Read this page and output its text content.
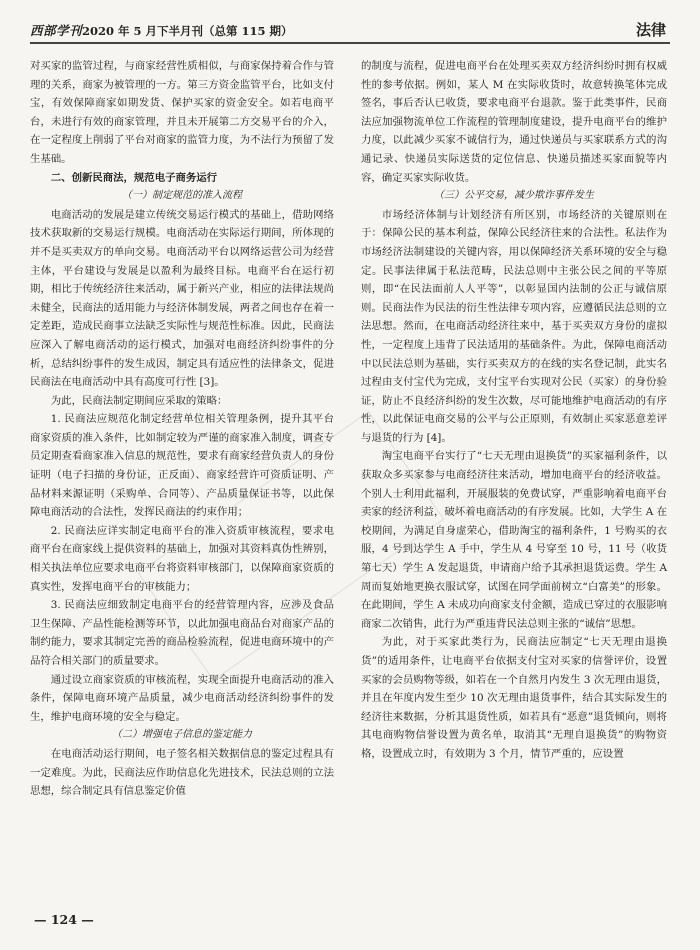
西部学刊2020 年 5 月下半月刊（总第 115 期）	法律

对买家的监管过程，与商家经营性质相似，与商家保持着合作与管理的关系，商家为被管理的一方。第三方资金监管平台，比如支付宝，有效保障商家如期发货、保护买家的资金安全。如若电商平台，未进行有效的商家管理，并且未开展第二方交易平台的介入，在一定程度上削弱了平台对商家的监管力度，为不法行为预留了发生基础。

二、创新民商法，规范电子商务运行
（一）制定规范的准入流程

电商活动的发展是建立传统交易运行模式的基础上，借助网络技术获取新的交易运行规模。电商活动在实际运行期间，所体现的并不是买卖双方的单向交易。电商活动平台以网络运营公司为经营主体，平台建设与发展是以盈利为最终目标。电商平台在运行初期，相比于传统经济往来活动，属于新兴产业，相应的法律法规尚未健全，民商法的适用能力与经济体制发展，两者之间也存在着一定差距，造成民商事立法缺乏实际性与规范性标准。因此，民商法应深入了解电商活动的运行模式，加强对电商经济纠纷事件的分析，总结纠纷事件的发生成因，制定具有适应性的法律条文，促进民商法在电商活动中具有高度可行性 [3]。

为此，民商法制定期间应采取的策略：

1. 民商法应规范化制定经营单位相关管理条例，提升其平台商家资质的准入条件，比如制定较为严谨的商家准入制度，调查专员定期查看商家准入信息的规范性，要求有商家经营负责人的身份证明（电子扫描的身份证，正反面）、商家经营许可资质证明、产品材料来源证明（采购单、合同等）、产品质量保证书等，以此保障电商活动的合法性，发挥民商法的约束作用；

2. 民商法应详实制定电商平台的准入资质审核流程，要求电商平台在商家线上提供资料的基础上，加强对其资料真伪性辨别，相关执法单位应要求电商平台将资料审核部门，以保障商家资质的真实性，发挥电商平台的审核能力；

3. 民商法应细致制定电商平台的经营管理内容，应涉及食品卫生保障、产品性能检测等环节，以此加强电商品台对商家产品的制约能力，要求其制定完善的商品检验流程，促进电商环境中的产品符合相关部门的质量要求。

通过设立商家资质的审核流程，实现全面提升电商活动的准入条件，保障电商环境产品质量，减少电商活动经济纠纷事件的发生，维护电商环境的安全与稳定。

（二）增强电子信息的鉴定能力

在电商活动运行期间，电子签名相关数据信息的鉴定过程具有一定难度。为此，民商法应作助信息化先进技术，民法总则的立法思想，综合制定具有信息鉴定价值

的制度与流程，促进电商平台在处理买卖双方经济纠纷时拥有权威性的参考依据。例如，某人 M 在实际收货时，故意转换笔体完成签名，事后否认已收货，要求电商平台退款。鉴于此类事件，民商法应加强物流单位工作流程的管理制度建设，提升电商平台的维护力度，以此减少买家不诚信行为，通过快递员与买家联系方式的沟通记录、快递员实际送货的定位信息、快递员描述买家面貌等内容，确定买家实际收货。

（三）公平交易，减少欺诈事件发生

市场经济体制与计划经济有所区别，市场经济的关键原则在于：保障公民的基本利益，保障公民经济往来的合法性。私法作为市场经济法制建设的关键内容，用以保障经济关系环境的安全与稳定。民事法律属于私法范畴，民法总则中主张公民之间的平等原则，即“在民法面前人人平等”，以彰显国内法制的公正与诚信原则。民商法作为民法的衍生性法律专项内容，应遵循民法总则的立法思想。然而，在电商活动经济往来中，基于买卖双方身份的虚拟性，一定程度上违背了民法适用的基础条件。为此，保障电商活动中以民法总则为基础，实行买卖双方的在线的实名登记制，此实名过程由支付宝代为完成，支付宝平台实现对公民（买家）的身份验证，防止不良经济纠纷的发生次数，尽可能地维护电商活动的有序性，以此保证电商交易的公平与公正原则，有效制止买家恶意差评与退货的行为 [4]。

淘宝电商平台实行了“七天无理由退换货”的买家福利条件，以获取众多买家参与电商经济往来活动，增加电商平台的经济收益。个别人士利用此福利，开展服装的免费试穿，严重影响着电商平台卖家的经济利益，破坏着电商活动的有序发展。比如，大学生 A 在校期间，为满足自身虚荣心，借助淘宝的福利条件，1 号购买的衣服，4 号到达学生 A 手中，学生从 4 号穿至 10 号，11 号（收货第七天）学生 A 发起退货，申请商户给予其承担退货运费。学生 A 周而复始地更换衣服试穿，试图在同学面前树立“白富美”的形象。在此期间，学生 A 未成功向商家支付金额，造成已穿过的衣服影响商家二次销售，此行为严重违背民法总则主张的“诚信”思想。

为此，对于买家此类行为，民商法应制定“七天无理由退换货”的适用条件，让电商平台依据支付宝对买家的信誉评价，设置买家的会员购物等级，如若在一个自然月内发生 3 次无理由退货，并且在年度内发生至少 10 次无理由退货事件，结合其实际发生的经济往来数据，分析其退货性质，如若具有“恶意”退货倾向，则将其电商购物信誉设置为黄名单，取消其“无理自退换货”的购物资格，设置成立时，有效期为 3 个月，情节严重的，应设置

— 124 —
